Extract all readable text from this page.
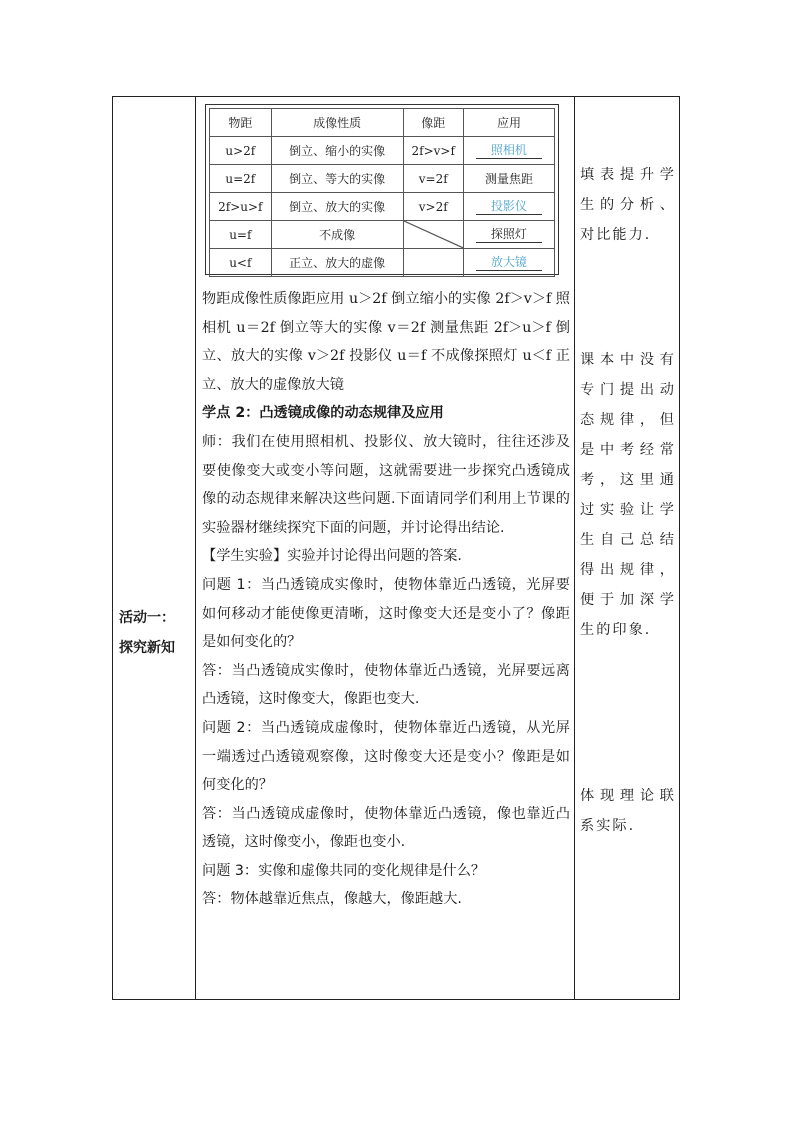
活动一：
探究新知
物距	成像性质	像距	应用
u>2f	倒立、缩小的实像	2f>v>f	照相机
u=2f	倒立、等大的实像	v=2f	测量焦距
2f>u>f	倒立、放大的实像	v>2f	投影仪
u=f	不成像		探照灯
u<f	正立、放大的虚像		放大镜

物距成像性质像距应用 u＞2f 倒立缩小的实像 2f＞v＞f 照相机 u＝2f 倒立等大的实像 v＝2f 测量焦距 2f＞u＞f 倒立、放大的实像 v＞2f 投影仪 u＝f 不成像探照灯 u＜f 正立、放大的虚像放大镜

学点 2：凸透镜成像的动态规律及应用

师：我们在使用照相机、投影仪、放大镜时，往往还涉及要使像变大或变小等问题，这就需要进一步探究凸透镜成像的动态规律来解决这些问题.下面请同学们利用上节课的实验器材继续探究下面的问题，并讨论得出结论.

【学生实验】实验并讨论得出问题的答案.

问题 1：当凸透镜成实像时，使物体靠近凸透镜，光屏要如何移动才能使像更清晰，这时像变大还是变小了？像距是如何变化的？

答：当凸透镜成实像时，使物体靠近凸透镜，光屏要远离凸透镜，这时像变大，像距也变大.

问题 2：当凸透镜成虚像时，使物体靠近凸透镜，从光屏一端透过凸透镜观察像，这时像变大还是变小？像距是如何变化的？

答：当凸透镜成虚像时，使物体靠近凸透镜，像也靠近凸透镜，这时像变小，像距也变小.

问题 3：实像和虚像共同的变化规律是什么？

答：物体越靠近焦点，像越大，像距越大.

填表提升学生的分析、对比能力.
课本中没有专门提出动态规律，但是中考经常考，这里通过实验让学生自己总结得出规律，便于加深学生的印象.
体现理论联系实际.
